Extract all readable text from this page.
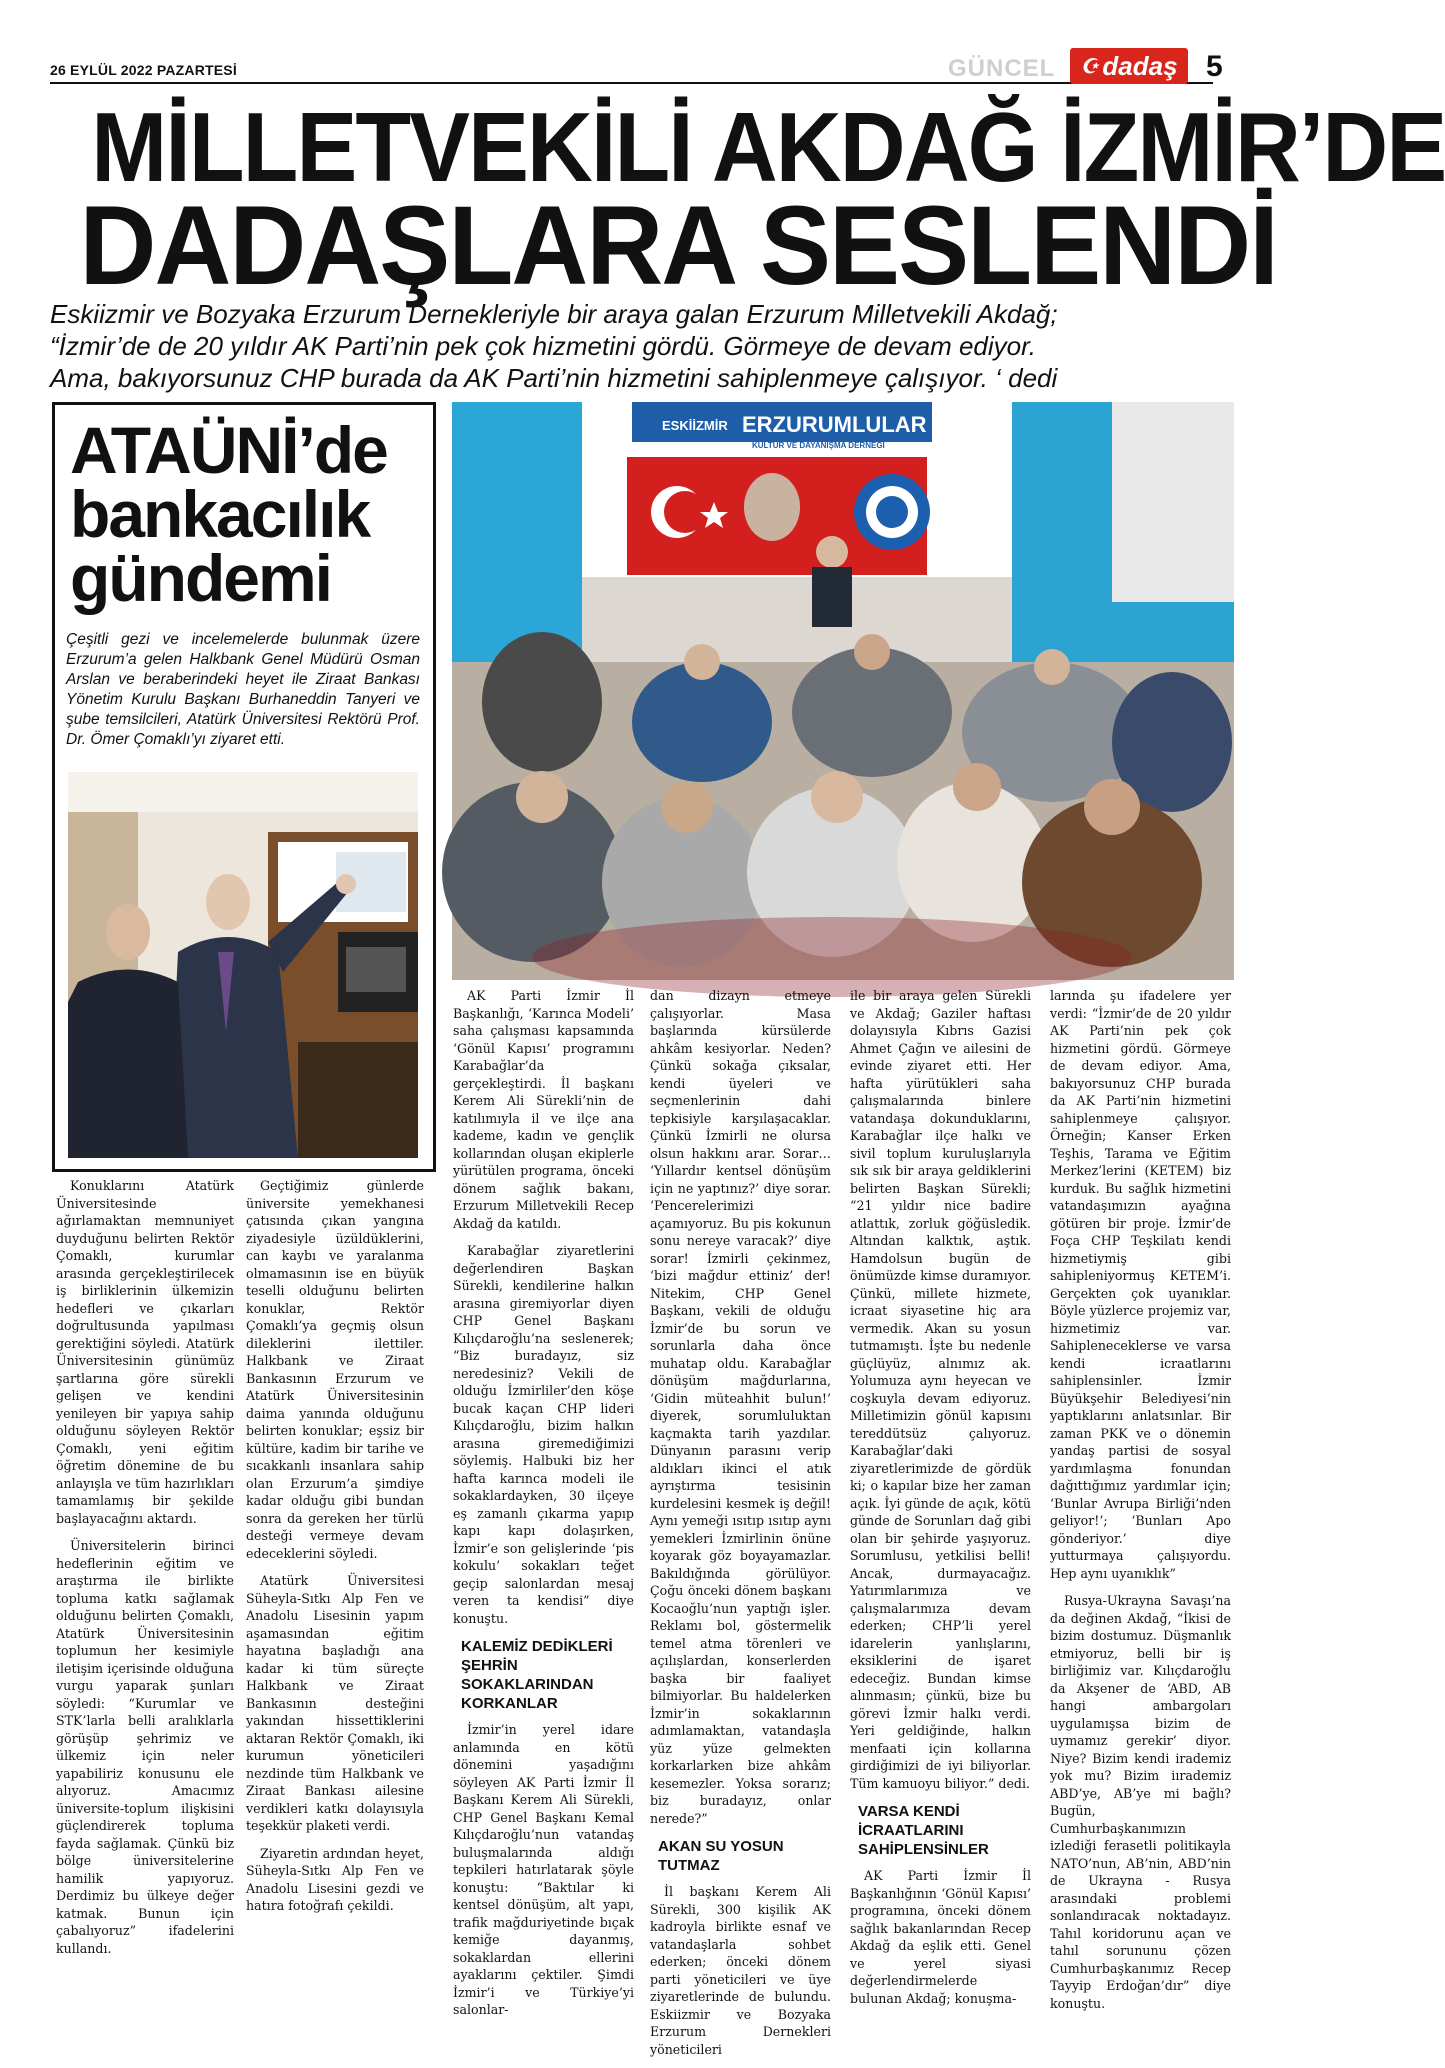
26 EYLÜL 2022 PAZARTESİ	GÜNCEL ☪ dadaş 5
MİLLETVEKİLİ AKDAĞ İZMİR’DE
DADAŞLARA SESLENDİ
Eskiizmir ve Bozyaka Erzurum Dernekleriyle bir araya galan Erzurum Milletvekili Akdağ;
“İzmir’de de 20 yıldır AK Parti’nin pek çok hizmetini gördü. Görmeye de devam ediyor.
Ama, bakıyorsunuz CHP burada da AK Parti’nin hizmetini sahiplenmeye çalışıyor. ‘ dedi
ATAÜNİ’de
bankacılık
gündemi
Çeşitli gezi ve incelemelerde bulunmak üzere Erzurum’a gelen Halkbank Genel Müdürü Osman Arslan ve beraberindeki heyet ile Ziraat Bankası Yönetim Kurulu Başkanı Burhaneddin Tanyeri ve şube temsilcileri, Atatürk Üniversitesi Rektörü Prof. Dr. Ömer Çomaklı’yı ziyaret etti.
ESKİİZMİR ERZURUMLULAR
KÜLTÜR VE DAYANIŞMA DERNEĞİ

Konuklarını Atatürk Üniversitesinde ağırlamaktan memnuniyet duyduğunu belirten Rektör Çomaklı, kurumlar arasında gerçekleştirilecek iş birliklerinin ülkemizin hedefleri ve çıkarları doğrultusunda yapılması gerektiğini söyledi. Atatürk Üniversitesinin günümüz şartlarına göre sürekli gelişen ve kendini yenileyen bir yapıya sahip olduğunu söyleyen Rektör Çomaklı, yeni eğitim öğretim dönemine de bu anlayışla ve tüm hazırlıkları tamamlamış bir şekilde başlayacağını aktardı.

Üniversitelerin birinci hedeflerinin eğitim ve araştırma ile birlikte topluma katkı sağlamak olduğunu belirten Çomaklı, Atatürk Üniversitesinin toplumun her kesimiyle iletişim içerisinde olduğuna vurgu yaparak şunları söyledi: “Kurumlar ve STK’larla belli aralıklarla görüşüp şehrimiz ve ülkemiz için neler yapabiliriz konusunu ele alıyoruz. Amacımız üniversite-toplum ilişkisini güçlendirerek topluma fayda sağlamak. Çünkü biz bölge üniversitelerine hamilik yapıyoruz. Derdimiz bu ülkeye değer katmak. Bunun için çabalıyoruz” ifadelerini kullandı.

Geçtiğimiz günlerde üniversite yemekhanesi çatısında çıkan yangına ziyadesiyle üzüldüklerini, can kaybı ve yaralanma olmamasının ise en büyük teselli olduğunu belirten konuklar, Rektör Çomaklı’ya geçmiş olsun dileklerini ilettiler. Halkbank ve Ziraat Bankasının Erzurum ve Atatürk Üniversitesinin daima yanında olduğunu belirten konuklar; eşsiz bir kültüre, kadim bir tarihe ve sıcakkanlı insanlara sahip olan Erzurum’a şimdiye kadar olduğu gibi bundan sonra da gereken her türlü desteği vermeye devam edeceklerini söyledi.

Atatürk Üniversitesi Süheyla-Sıtkı Alp Fen ve Anadolu Lisesinin yapım aşamasından eğitim hayatına başladığı ana kadar ki tüm süreçte Halkbank ve Ziraat Bankasının desteğini yakından hissettiklerini aktaran Rektör Çomaklı, iki kurumun yöneticileri nezdinde tüm Halkbank ve Ziraat Bankası ailesine verdikleri katkı dolayısıyla teşekkür plaketi verdi.

Ziyaretin ardından heyet, Süheyla-Sıtkı Alp Fen ve Anadolu Lisesini gezdi ve hatıra fotoğrafı çekildi.

AK Parti İzmir İl Başkanlığı, ‘Karınca Modeli’ saha çalışması kapsamında ‘Gönül Kapısı’ programını Karabağlar’da gerçekleştirdi. İl başkanı Kerem Ali Sürekli’nin de katılımıyla il ve ilçe ana kademe, kadın ve gençlik kollarından oluşan ekiplerle yürütülen programa, önceki dönem sağlık bakanı, Erzurum Milletvekili Recep Akdağ da katıldı.

Karabağlar ziyaretlerini değerlendiren Başkan Sürekli, kendilerine halkın arasına giremiyorlar diyen CHP Genel Başkanı Kılıçdaroğlu’na seslenerek; “Biz buradayız, siz neredesiniz? Vekili de olduğu İzmirliler’den köşe bucak kaçan CHP lideri Kılıçdaroğlu, bizim halkın arasına giremediğimizi söylemiş. Halbuki biz her hafta karınca modeli ile sokaklardayken, 30 ilçeye eş zamanlı çıkarma yapıp kapı kapı dolaşırken, İzmir’e son gelişlerinde ‘pis kokulu’ sokakları teğet geçip salonlardan mesaj veren ta kendisi” diye konuştu.

KALEMİZ DEDİKLERİ ŞEHRİN SOKAKLARINDAN KORKANLAR

İzmir’in yerel idare anlamında en kötü dönemini yaşadığını söyleyen AK Parti İzmir İl Başkanı Kerem Ali Sürekli, CHP Genel Başkanı Kemal Kılıçdaroğlu’nun vatandaş buluşmalarında aldığı tepkileri hatırlatarak şöyle konuştu: “Baktılar ki kentsel dönüşüm, alt yapı, trafik mağduriyetinde bıçak kemiğe dayanmış, sokaklardan ellerini ayaklarını çektiler. Şimdi İzmir’i ve Türkiye’yi salonlar-

dan dizayn etmeye çalışıyorlar. Masa başlarında kürsülerde ahkâm kesiyorlar. Neden? Çünkü sokağa çıksalar, kendi üyeleri ve seçmenlerinin dahi tepkisiyle karşılaşacaklar. Çünkü İzmirli ne olursa olsun hakkını arar. Sorar… ‘Yıllardır kentsel dönüşüm için ne yaptınız?’ diye sorar. ‘Pencerelerimizi açamıyoruz. Bu pis kokunun sonu nereye varacak?’ diye sorar! İzmirli çekinmez, ‘bizi mağdur ettiniz’ der! Nitekim, CHP Genel Başkanı, vekili de olduğu İzmir’de bu sorun ve sorunlarla daha önce muhatap oldu. Karabağlar dönüşüm mağdurlarına, ‘Gidin müteahhit bulun!’ diyerek, sorumluluktan kaçmakta tarih yazdılar. Dünyanın parasını verip aldıkları ikinci el atık ayrıştırma tesisinin kurdelesini kesmek iş değil! Aynı yemeği ısıtıp ısıtıp aynı yemekleri İzmirlinin önüne koyarak göz boyayamazlar. Bakıldığında görülüyor. Çoğu önceki dönem başkanı Kocaoğlu’nun yaptığı işler. Reklamı bol, göstermelik temel atma törenleri ve açılışlardan, konserlerden başka bir faaliyet bilmiyorlar. Bu haldelerken İzmir’in sokaklarının adımlamaktan, vatandaşla yüz yüze gelmekten korkarlarken bize ahkâm kesemezler. Yoksa sorarız; biz buradayız, onlar nerede?”

AKAN SU YOSUN TUTMAZ

İl başkanı Kerem Ali Sürekli, 300 kişilik AK kadroyla birlikte esnaf ve vatandaşlarla sohbet ederken; önceki dönem parti yöneticileri ve üye ziyaretlerinde de bulundu. Eskiizmir ve Bozyaka Erzurum Dernekleri yöneticileri

ile bir araya gelen Sürekli ve Akdağ; Gaziler haftası dolayısıyla Kıbrıs Gazisi Ahmet Çağın ve ailesini de evinde ziyaret etti. Her hafta yürütükleri saha çalışmalarında binlere vatandaşa dokunduklarını, Karabağlar ilçe halkı ve sivil toplum kuruluşlarıyla sık sık bir araya geldiklerini belirten Başkan Sürekli; “21 yıldır nice badire atlattık, zorluk göğüsledik. Altından kalktık, aştık. Hamdolsun bugün de önümüzde kimse duramıyor. Çünkü, millete hizmete, icraat siyasetine hiç ara vermedik. Akan su yosun tutmamıştı. İşte bu nedenle güçlüyüz, alnımız ak. Yolumuza aynı heyecan ve coşkuyla devam ediyoruz. Milletimizin gönül kapısını tereddütsüz çalıyoruz. Karabağlar’daki ziyaretlerimizde de gördük ki; o kapılar bize her zaman açık. İyi günde de açık, kötü günde de Sorunları dağ gibi olan bir şehirde yaşıyoruz. Sorumlusu, yetkilisi belli! Ancak, durmayacağız. Yatırımlarımıza ve çalışmalarımıza devam ederken; CHP’li yerel idarelerin yanlışlarını, eksiklerini de işaret edeceğiz. Bundan kimse alınmasın; çünkü, bize bu görevi İzmir halkı verdi. Yeri geldiğinde, halkın menfaati için kollarına girdiğimizi de iyi biliyorlar. Tüm kamuoyu biliyor.” dedi.

VARSA KENDİ İCRAATLARINI SAHİPLENSİNLER

AK Parti İzmir İl Başkanlığının ‘Gönül Kapısı’ programına, önceki dönem sağlık bakanlarından Recep Akdağ da eşlik etti. Genel ve yerel siyasi değerlendirmelerde bulunan Akdağ; konuşma-

larında şu ifadelere yer verdi: “İzmir’de de 20 yıldır AK Parti’nin pek çok hizmetini gördü. Görmeye de devam ediyor. Ama, bakıyorsunuz CHP burada da AK Parti’nin hizmetini sahiplenmeye çalışıyor. Örneğin; Kanser Erken Teşhis, Tarama ve Eğitim Merkez’lerini (KETEM) biz kurduk. Bu sağlık hizmetini vatandaşımızın ayağına götüren bir proje. İzmir’de Foça CHP Teşkilatı kendi hizmetiymiş gibi sahipleniyormuş KETEM’i. Gerçekten çok uyanıklar. Böyle yüzlerce projemiz var, hizmetimiz var. Sahipleneceklerse ve varsa kendi icraatlarını sahiplensinler. İzmir Büyükşehir Belediyesi’nin yaptıklarını anlatsınlar. Bir zaman PKK ve o dönemin yandaş partisi de sosyal yardımlaşma fonundan dağıttığımız yardımlar için; ‘Bunlar Avrupa Birliği’nden geliyor!’; ‘Bunları Apo gönderiyor.’ diye yutturmaya çalışıyordu. Hep aynı uyanıklık”

Rusya-Ukrayna Savaşı’na da değinen Akdağ, “İkisi de bizim dostumuz. Düşmanlık etmiyoruz, belli bir iş birliğimiz var. Kılıçdaroğlu da Akşener de ‘ABD, AB hangi ambargoları uygulamışsa bizim de uymamız gerekir’ diyor. Niye? Bizim kendi irademiz yok mu? Bizim iırademiz ABD’ye, AB’ye mi bağlı? Bugün, Cumhurbaşkanımızın izlediği ferasetli politikayla NATO’nun, AB’nin, ABD’nin de Ukrayna - Rusya arasındaki problemi sonlandıracak noktadayız. Tahıl koridorunu açan ve tahıl sorununu çözen Cumhurbaşkanımız Recep Tayyip Erdoğan’dır” diye konuştu.
